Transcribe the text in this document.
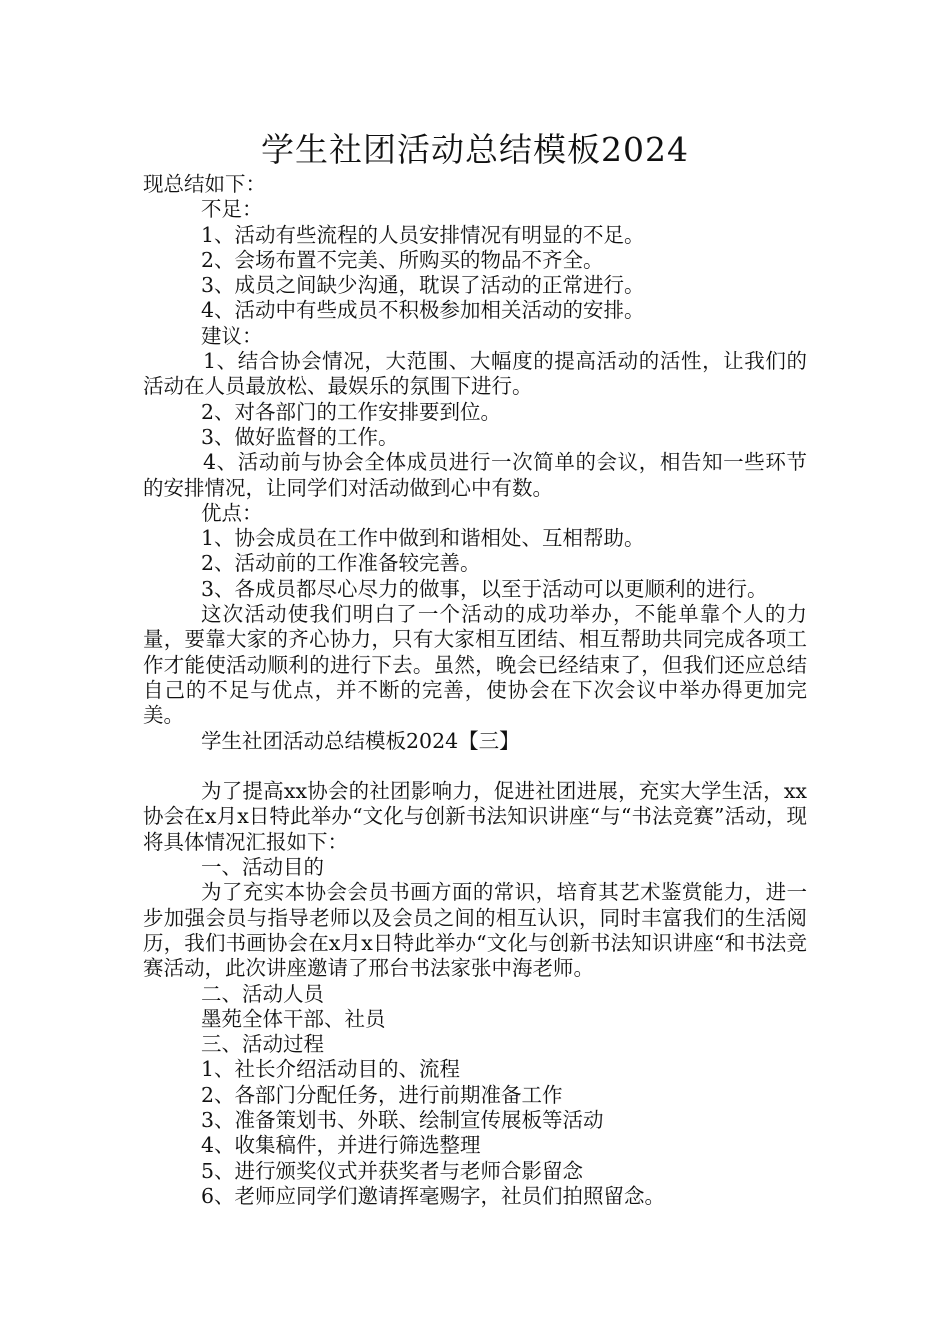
学生社团活动总结模板2024

现总结如下：

不足：

1、活动有些流程的人员安排情况有明显的不足。

2、会场布置不完美、所购买的物品不齐全。

3、成员之间缺少沟通，耽误了活动的正常进行。

4、活动中有些成员不积极参加相关活动的安排。

建议：

1、结合协会情况，大范围、大幅度的提高活动的活性，让我们的活动在人员最放松、最娱乐的氛围下进行。

2、对各部门的工作安排要到位。

3、做好监督的工作。

4、活动前与协会全体成员进行一次简单的会议，相告知一些环节的安排情况，让同学们对活动做到心中有数。

优点：

1、协会成员在工作中做到和谐相处、互相帮助。

2、活动前的工作准备较完善。

3、各成员都尽心尽力的做事，以至于活动可以更顺利的进行。

这次活动使我们明白了一个活动的成功举办，不能单靠个人的力量，要靠大家的齐心协力，只有大家相互团结、相互帮助共同完成各项工作才能使活动顺利的进行下去。虽然，晚会已经结束了，但我们还应总结自己的不足与优点，并不断的完善，使协会在下次会议中举办得更加完美。

学生社团活动总结模板2024【三】

为了提高xx协会的社团影响力，促进社团进展，充实大学生活，xx协会在x月x日特此举办“文化与创新书法知识讲座“与“书法竞赛”活动，现将具体情况汇报如下：

一、活动目的

为了充实本协会会员书画方面的常识，培育其艺术鉴赏能力，进一步加强会员与指导老师以及会员之间的相互认识，同时丰富我们的生活阅历，我们书画协会在x月x日特此举办“文化与创新书法知识讲座“和书法竞赛活动，此次讲座邀请了邢台书法家张中海老师。

二、活动人员

墨苑全体干部、社员

三、活动过程

1、社长介绍活动目的、流程

2、各部门分配任务，进行前期准备工作

3、准备策划书、外联、绘制宣传展板等活动

4、收集稿件，并进行筛选整理

5、进行颁奖仪式并获奖者与老师合影留念

6、老师应同学们邀请挥毫赐字，社员们拍照留念。
